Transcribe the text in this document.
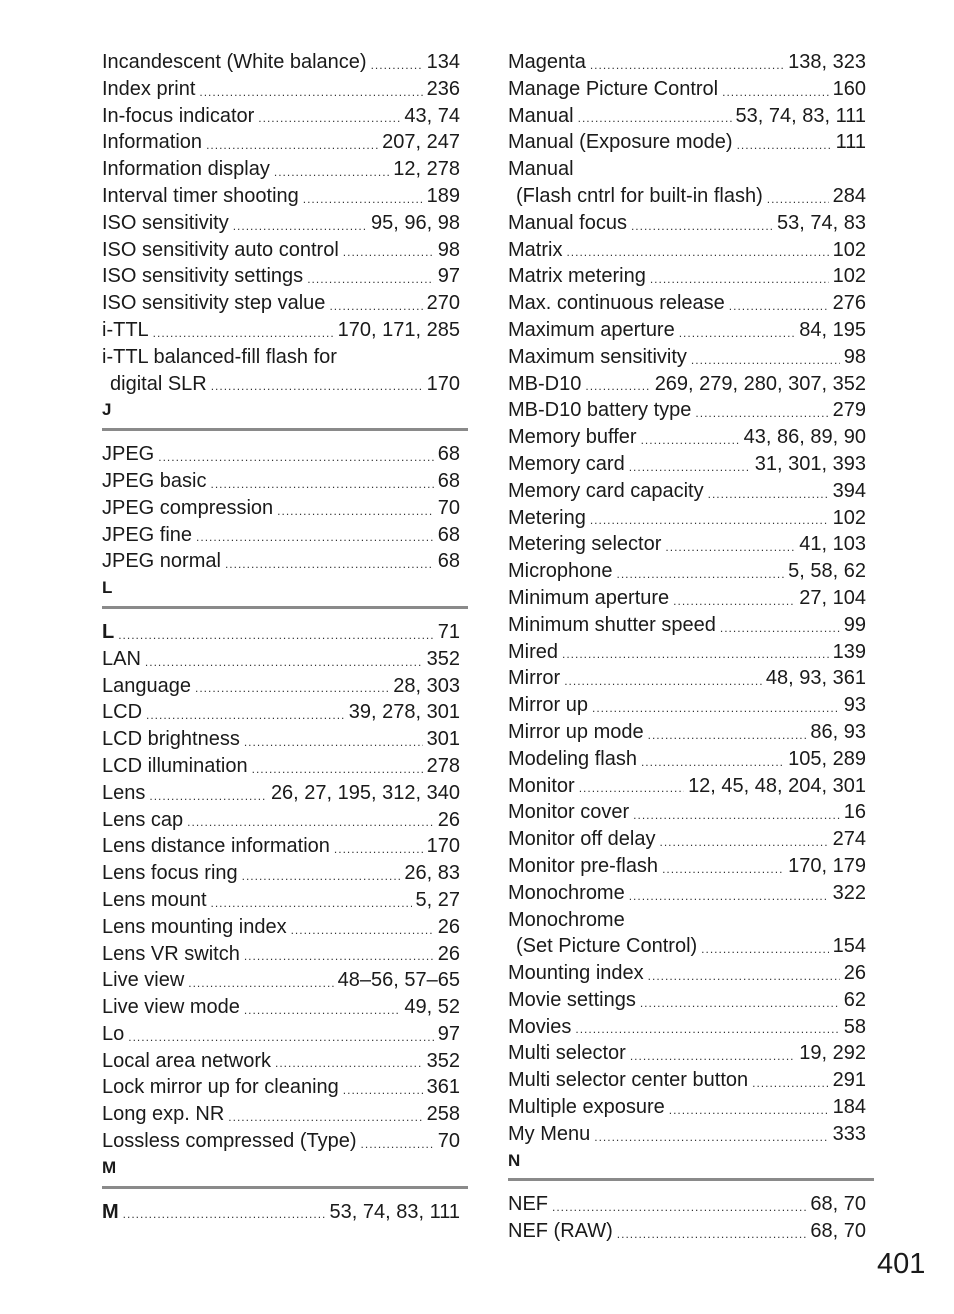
Incandescent (White balance) .....	134
Index print .....	236
In-focus indicator .....	43, 74
Information .....	207, 247
Information display .....	12, 278
Interval timer shooting .....	189
ISO sensitivity .....	95, 96, 98
ISO sensitivity auto control .....	98
ISO sensitivity settings .....	97
ISO sensitivity step value .....	270
i-TTL .....	170, 171, 285
i-TTL balanced-fill flash for
digital SLR .....	170
J
JPEG .....	68
JPEG basic .....	68
JPEG compression .....	70
JPEG fine .....	68
JPEG normal .....	68
L
L .....	71
LAN .....	352
Language .....	28, 303
LCD .....	39, 278, 301
LCD brightness .....	301
LCD illumination .....	278
Lens .....	26, 27, 195, 312, 340
Lens cap .....	26
Lens distance information .....	170
Lens focus ring .....	26, 83
Lens mount .....	5, 27
Lens mounting index .....	26
Lens VR switch .....	26
Live view .....	48–56, 57–65
Live view mode .....	49, 52
Lo .....	97
Local area network .....	352
Lock mirror up for cleaning .....	361
Long exp. NR .....	258
Lossless compressed (Type) .....	70
M
M .....	53, 74, 83, 111
Magenta .....	138, 323
Manage Picture Control .....	160
Manual .....	53, 74, 83, 111
Manual (Exposure mode) .....	111
Manual
(Flash cntrl for built-in flash) .....	284
Manual focus .....	53, 74, 83
Matrix .....	102
Matrix metering .....	102
Max. continuous release .....	276
Maximum aperture .....	84, 195
Maximum sensitivity .....	98
MB-D10 .....	269, 279, 280, 307, 352
MB-D10 battery type .....	279
Memory buffer .....	43, 86, 89, 90
Memory card .....	31, 301, 393
Memory card capacity .....	394
Metering .....	102
Metering selector .....	41, 103
Microphone .....	5, 58, 62
Minimum aperture .....	27, 104
Minimum shutter speed .....	99
Mired .....	139
Mirror .....	48, 93, 361
Mirror up .....	93
Mirror up mode .....	86, 93
Modeling flash .....	105, 289
Monitor .....	12, 45, 48, 204, 301
Monitor cover .....	16
Monitor off delay .....	274
Monitor pre-flash .....	170, 179
Monochrome .....	322
Monochrome
(Set Picture Control) .....	154
Mounting index .....	26
Movie settings .....	62
Movies .....	58
Multi selector .....	19, 292
Multi selector center button .....	291
Multiple exposure .....	184
My Menu .....	333
N
NEF .....	68, 70
NEF (RAW) .....	68, 70
401
